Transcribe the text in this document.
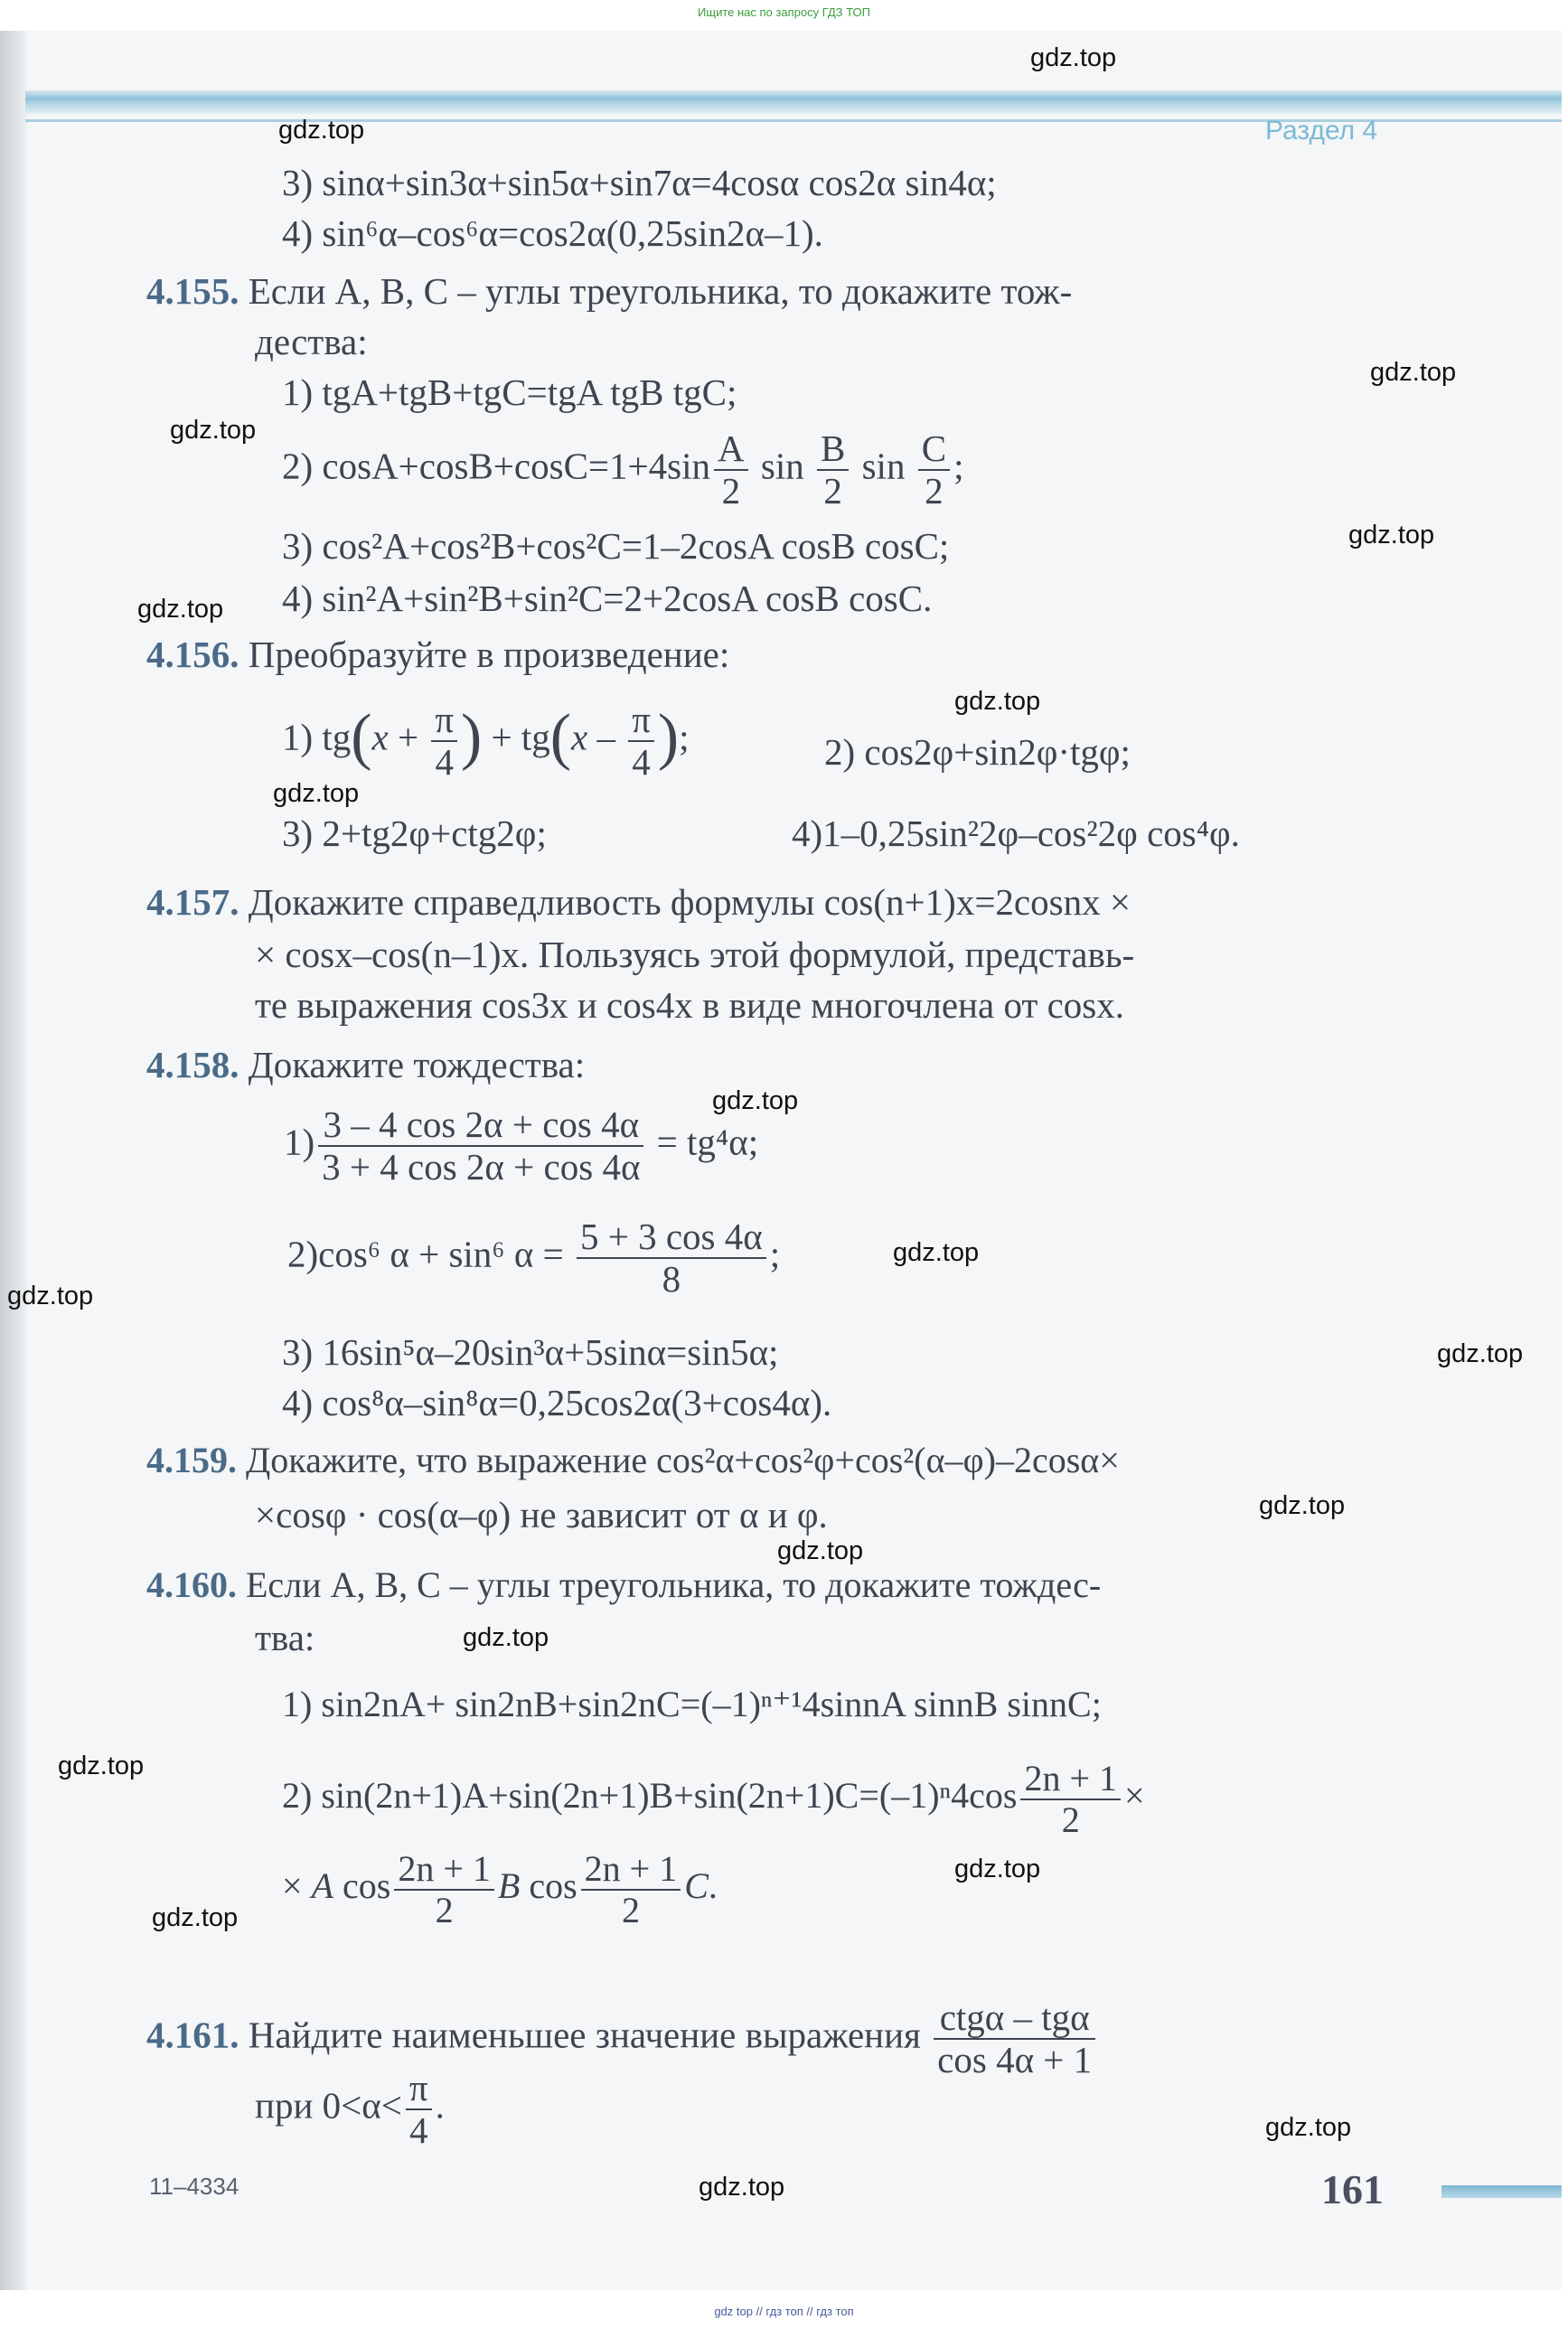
Ищите нас по запросу ГДЗ ТОП
Раздел 4
gdz.top
gdz.top
gdz.top
gdz.top
gdz.top
gdz.top
gdz.top
gdz.top
gdz.top
gdz.top
gdz.top
gdz.top
gdz.top
gdz.top
gdz.top
gdz.top
gdz.top
gdz.top
gdz.top
gdz.top
3) sinα+sin3α+sin5α+sin7α=4cosα cos2α sin4α;
4) sin⁶α–cos⁶α=cos2α(0,25sin2α–1).
4.155. Если A, B, C – углы треугольника, то докажите тож-
дества:
1) tgA+tgB+tgC=tgA tgB tgC;
2) $\cos A+\cos B+\cos C=1+4\sin \frac{A}{2}$ $\sin \frac{B}{2}$ $\sin \frac{C}{2}$ ;
3) cos²A+cos²B+cos²C=1–2cosA cosB cosC;
4) sin²A+sin²B+sin²C=2+2cosA cosB cosC.
4.156. Преобразуйте в произведение:
1) $tg(x + \frac{\pi}{4}$ ) + $tg(x - \frac{\pi}{4}$ );	2) cos2φ+sin2φ·tgφ;
3) 2+tg2φ+ctg2φ;	4)1–0,25sin²2φ–cos²2φ cos⁴φ.
4.157. Докажите справедливость формулы cos(n+1)x=2cosnx ×
× cosx–cos(n–1)x. Пользуясь этой формулой, представь-
те выражения cos3x и cos4x в виде многочлена от cosx.
4.158. Докажите тождества:
$1) \frac{3 - 4 \cos 2\alpha + \cos 4\alpha}{3 + 4 \cos 2\alpha + \cos 4\alpha} = tg^4\alpha$;
2)cos⁶ α + sin⁶ $\alpha = \frac{5 + 3 \cos 4\alpha}{8}$ ;
3) 16sin⁵α–20sin³α+5sinα=sin5α;
4) cos⁸α–sin⁸α=0,25cos2α(3+cos4α).
4.159. Докажите, что выражение cos²α+cos²φ+cos²(α–φ)–2cosα×
×cosφ · cos(α–φ) не зависит от α и φ.
4.160. Если A, B, C – углы треугольника, то докажите тождес-
тва:
1) sin2nA+ sin2nB+sin2nC=(–1)ⁿ⁺¹4sinnA sinnB sinnC;
2) $\sin(2n+1)A+\sin(2n+1)B+\sin(2n+1)C=(-1)^n4\cos \frac{2n + 1}{2}$ ×
× A $\cos \frac{2n + 1}{2}$ B $\cos \frac{2n + 1}{2} C$.
4.161. Найдите наименьшее значение выражения $\frac{\text{ctgα – tgα}}{\cos 4\alpha + 1}$
при $0<\alpha< \frac{\pi}{4}$ .
11–4334	161
gdz top // гдз топ // гдз топ
